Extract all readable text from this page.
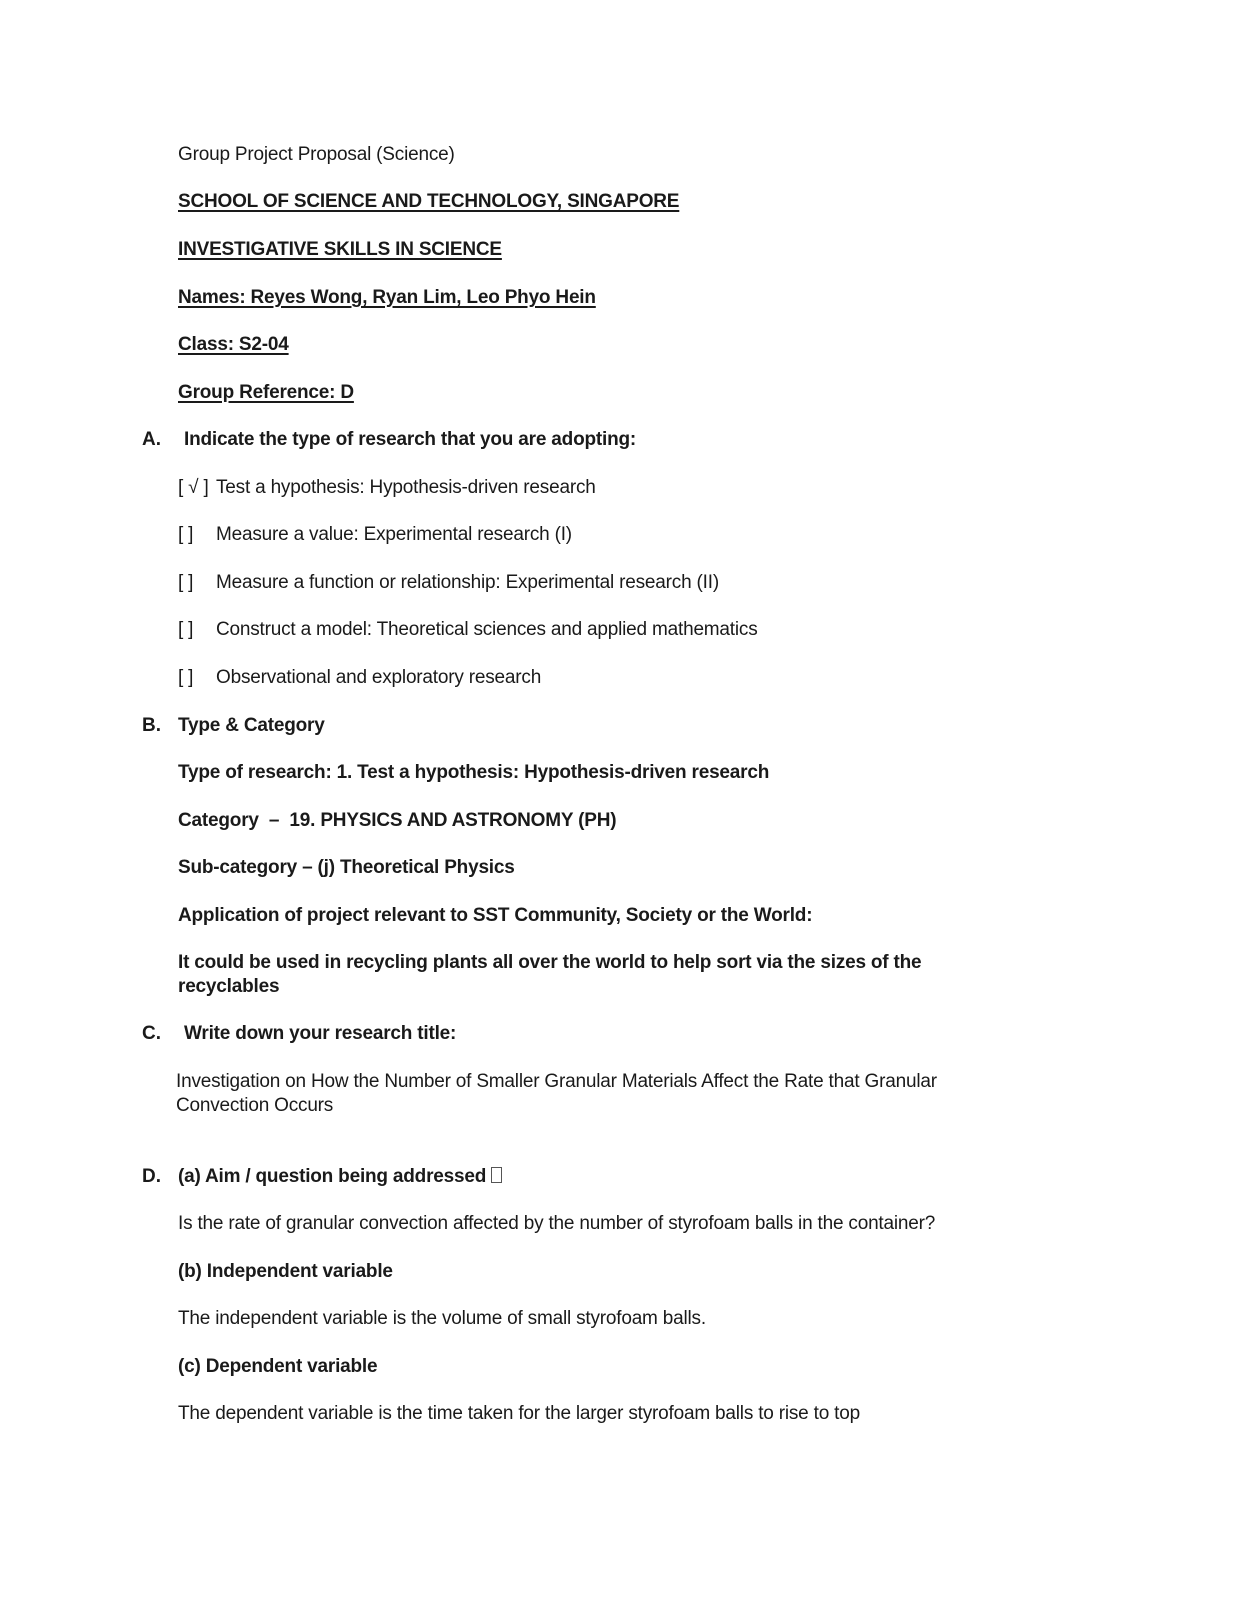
Group Project Proposal (Science)
SCHOOL OF SCIENCE AND TECHNOLOGY, SINGAPORE
INVESTIGATIVE SKILLS IN SCIENCE
Names: Reyes Wong, Ryan Lim, Leo Phyo Hein
Class: S2-04
Group Reference: D
A. Indicate the type of research that you are adopting:
[ √ ] Test a hypothesis: Hypothesis-driven research
[ ] Measure a value: Experimental research (I)
[ ] Measure a function or relationship: Experimental research (II)
[ ] Construct a model: Theoretical sciences and applied mathematics
[ ] Observational and exploratory research
B. Type & Category
Type of research: 1. Test a hypothesis: Hypothesis-driven research
Category  –  19. PHYSICS AND ASTRONOMY (PH)
Sub-category – (j) Theoretical Physics
Application of project relevant to SST Community, Society or the World:
It could be used in recycling plants all over the world to help sort via the sizes of the recyclables
C. Write down your research title:
Investigation on How the Number of Smaller Granular Materials Affect the Rate that Granular Convection Occurs
D. (a) Aim / question being addressed
Is the rate of granular convection affected by the number of styrofoam balls in the container?
(b) Independent variable
The independent variable is the volume of small styrofoam balls.
(c) Dependent variable
The dependent variable is the time taken for the larger styrofoam balls to rise to top
